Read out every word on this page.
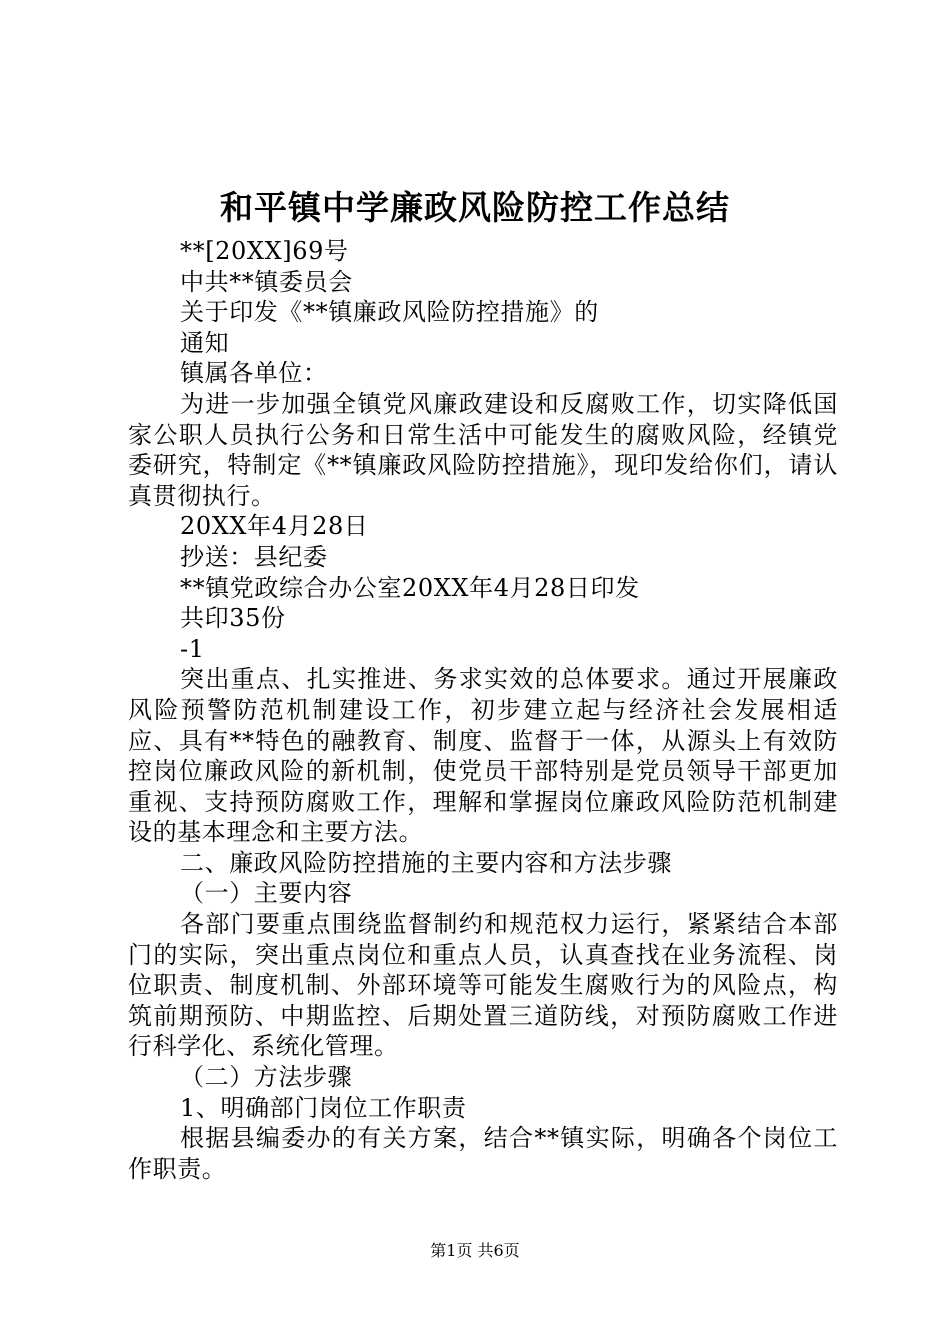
和平镇中学廉政风险防控工作总结
**[20XX]69号
中共**镇委员会
关于印发《**镇廉政风险防控措施》的
通知
镇属各单位：
为进一步加强全镇党风廉政建设和反腐败工作，切实降低国家公职人员执行公务和日常生活中可能发生的腐败风险，经镇党委研究，特制定《**镇廉政风险防控措施》，现印发给你们，请认真贯彻执行。
20XX年4月28日
抄送：县纪委
**镇党政综合办公室20XX年4月28日印发
共印35份
-1
突出重点、扎实推进、务求实效的总体要求。通过开展廉政风险预警防范机制建设工作，初步建立起与经济社会发展相适应、具有**特色的融教育、制度、监督于一体，从源头上有效防控岗位廉政风险的新机制，使党员干部特别是党员领导干部更加重视、支持预防腐败工作，理解和掌握岗位廉政风险防范机制建设的基本理念和主要方法。
二、廉政风险防控措施的主要内容和方法步骤
（一）主要内容
各部门要重点围绕监督制约和规范权力运行，紧紧结合本部门的实际，突出重点岗位和重点人员，认真查找在业务流程、岗位职责、制度机制、外部环境等可能发生腐败行为的风险点，构筑前期预防、中期监控、后期处置三道防线，对预防腐败工作进行科学化、系统化管理。
（二）方法步骤
1、明确部门岗位工作职责
根据县编委办的有关方案，结合**镇实际，明确各个岗位工作职责。
第1页 共6页
